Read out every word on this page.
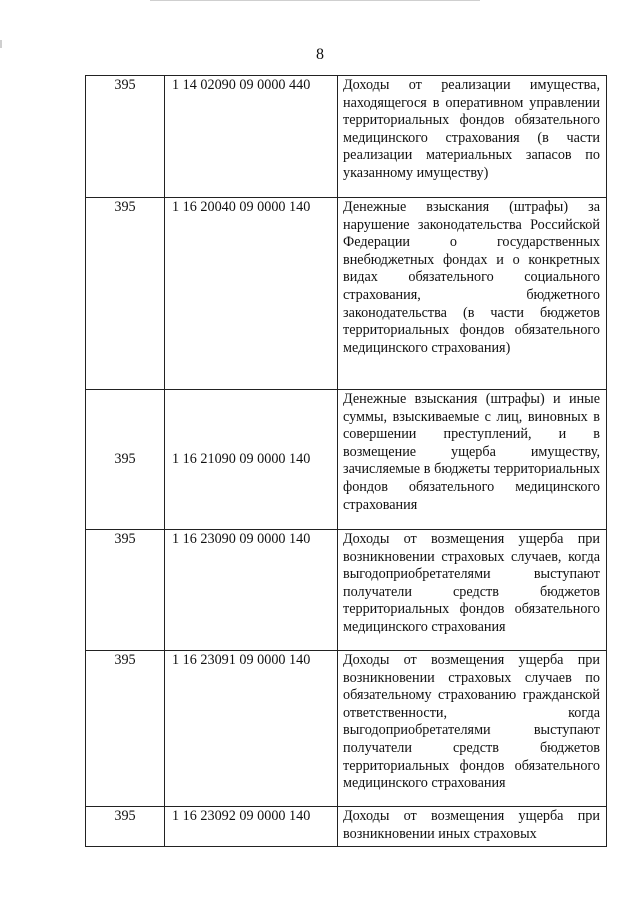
8
395	1 14 02090 09 0000 440	Доходы от реализации имущества, находящегося в оперативном управлении территориальных фондов обязательного медицинского страхования (в части реализации материальных запасов по указанному имуществу)
395	1 16 20040 09 0000 140	Денежные взыскания (штрафы) за нарушение законодательства Российской Федерации о государственных внебюджетных фондах и о конкретных видах обязательного социального страхования, бюджетного законодательства (в части бюджетов территориальных фондов обязательного медицинского страхования)
395	1 16 21090 09 0000 140	Денежные взыскания (штрафы) и иные суммы, взыскиваемые с лиц, виновных в совершении преступлений, и в возмещение ущерба имуществу, зачисляемые в бюджеты территориальных фондов обязательного медицинского страхования
395	1 16 23090 09 0000 140	Доходы от возмещения ущерба при возникновении страховых случаев, когда выгодоприобретателями выступают получатели средств бюджетов территориальных фондов обязательного медицинского страхования
395	1 16 23091 09 0000 140	Доходы от возмещения ущерба при возникновении страховых случаев по обязательному страхованию гражданской ответственности, когда выгодоприобретателями выступают получатели средств бюджетов территориальных фондов обязательного медицинского страхования
395	1 16 23092 09 0000 140	Доходы от возмещения ущерба при возникновении иных страховых
